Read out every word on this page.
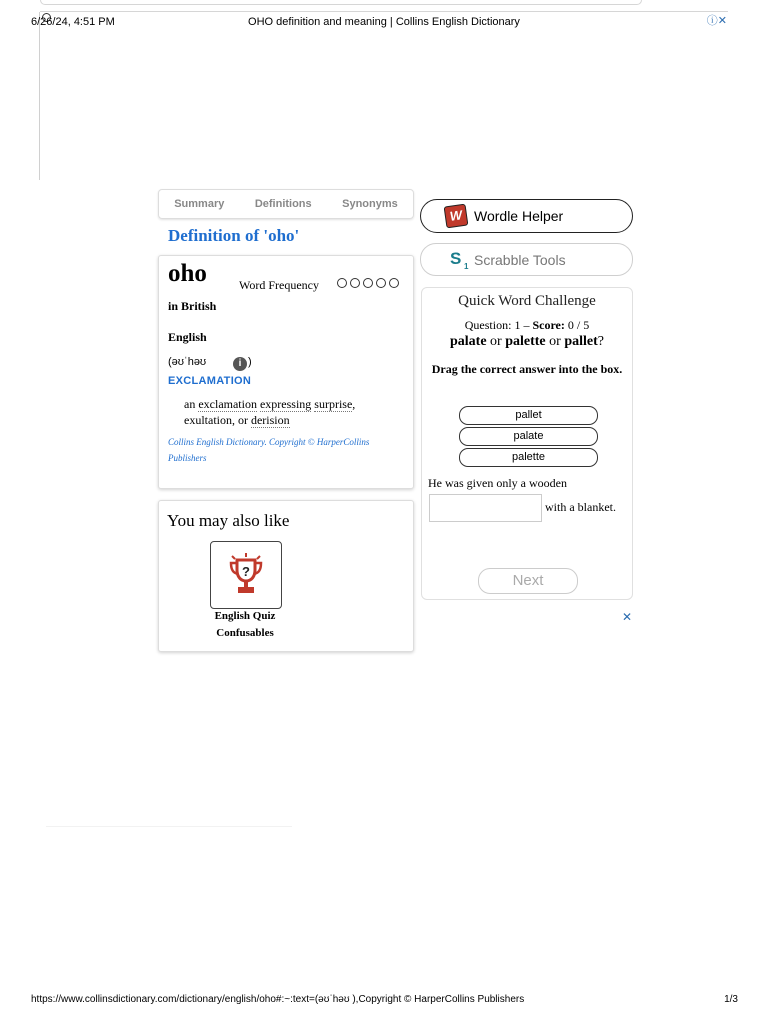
6/26/24, 4:51 PM	OHO definition and meaning | Collins English Dictionary	ⓘ✕
Summary	Definitions	Synonyms
Definition of 'oho'
oho	Word Frequency
in British
English
(əʊˈhəʊ	i )
EXCLAMATION
an exclamation expressing surprise, exultation, or derision
Collins English Dictionary. Copyright © HarperCollins Publishers
You may also like
?
English Quiz
Confusables
W Wordle Helper
S 1 Scrabble Tools
Quick Word Challenge
Question: 1 – Score: 0 / 5
palate or palette or pallet?
Drag the correct answer into the box.
pallet
palate
palette
He was given only a wooden
with a blanket.
Next
✕
https://www.collinsdictionary.com/dictionary/english/oho#:~:text=(əʊˈhəʊ ),Copyright © HarperCollins Publishers	1/3
